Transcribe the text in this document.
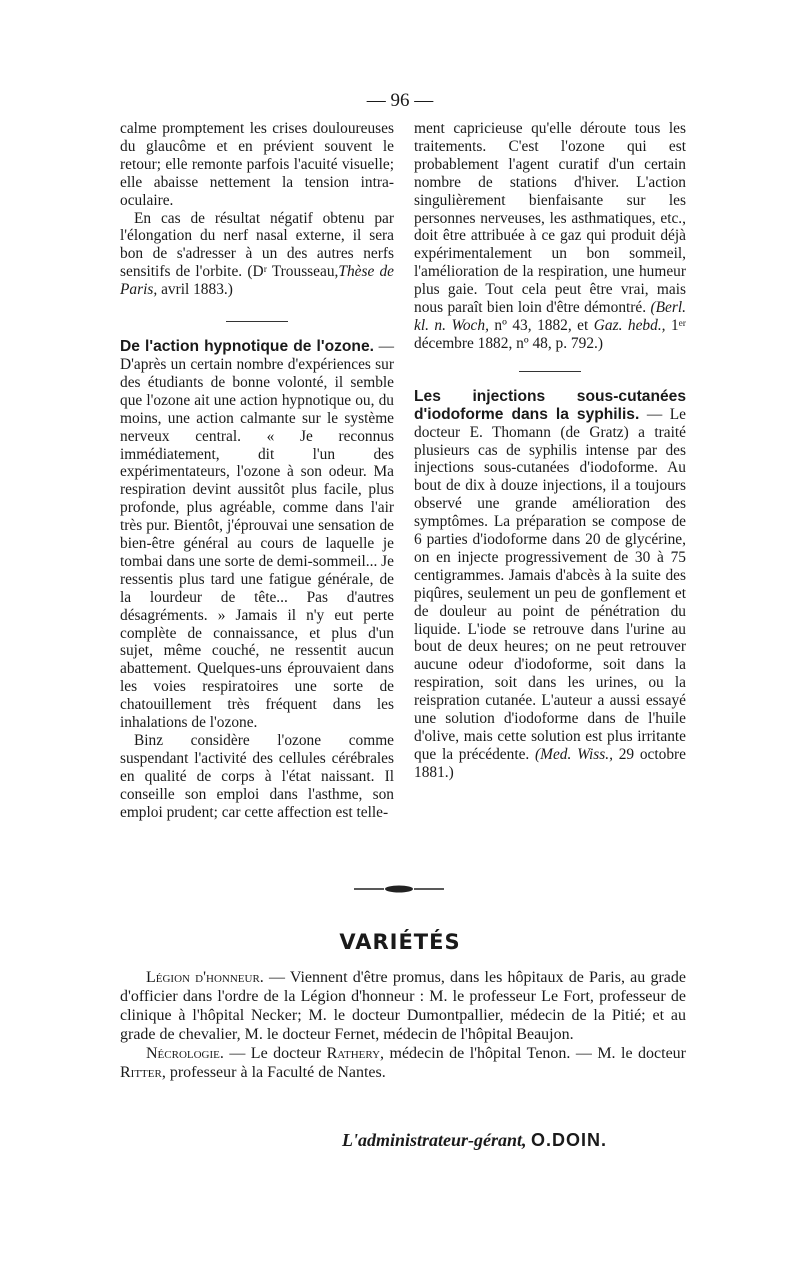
— 96 —

calme promptement les crises douloureuses du glaucôme et en prévient souvent le retour; elle remonte parfois l'acuité visuelle; elle abaisse nettement la tension intra-oculaire.

En cas de résultat négatif obtenu par l'élongation du nerf nasal externe, il sera bon de s'adresser à un des autres nerfs sensitifs de l'orbite. (Dʳ Trousseau,Thèse de Paris, avril 1883.)

De l'action hypnotique de l'ozone. — D'après un certain nombre d'expériences sur des étudiants de bonne volonté, il semble que l'ozone ait une action hypnotique ou, du moins, une action calmante sur le système nerveux central. « Je reconnus immédiatement, dit l'un des expérimentateurs, l'ozone à son odeur. Ma respiration devint aussitôt plus facile, plus profonde, plus agréable, comme dans l'air très pur. Bientôt, j'éprouvai une sensation de bien-être général au cours de laquelle je tombai dans une sorte de demi-sommeil... Je ressentis plus tard une fatigue générale, de la lourdeur de tête... Pas d'autres désagréments. » Jamais il n'y eut perte complète de connaissance, et plus d'un sujet, même couché, ne ressentit aucun abattement. Quelques-uns éprouvaient dans les voies respiratoires une sorte de chatouillement très fréquent dans les inhalations de l'ozone.

Binz considère l'ozone comme suspendant l'activité des cellules cérébrales en qualité de corps à l'état naissant. Il conseille son emploi dans l'asthme, son emploi prudent; car cette affection est telle-

ment capricieuse qu'elle déroute tous les traitements. C'est l'ozone qui est probablement l'agent curatif d'un certain nombre de stations d'hiver. L'action singulièrement bienfaisante sur les personnes nerveuses, les asthmatiques, etc., doit être attribuée à ce gaz qui produit déjà expérimentalement un bon sommeil, l'amélioration de la respiration, une humeur plus gaie. Tout cela peut être vrai, mais nous paraît bien loin d'être démontré. (Berl. kl. n. Woch, nº 43, 1882, et Gaz. hebd., 1ᵉʳ décembre 1882, nº 48, p. 792.)

Les injections sous-cutanées d'iodoforme dans la syphilis. — Le docteur E. Thomann (de Gratz) a traité plusieurs cas de syphilis intense par des injections sous-cutanées d'iodoforme. Au bout de dix à douze injections, il a toujours observé une grande amélioration des symptômes. La préparation se compose de 6 parties d'iodoforme dans 20 de glycérine, on en injecte progressivement de 30 à 75 centigrammes. Jamais d'abcès à la suite des piqûres, seulement un peu de gonflement et de douleur au point de pénétration du liquide. L'iode se retrouve dans l'urine au bout de deux heures; on ne peut retrouver aucune odeur d'iodoforme, soit dans la respiration, soit dans les urines, ou la reispration cutanée. L'auteur a aussi essayé une solution d'iodoforme dans de l'huile d'olive, mais cette solution est plus irritante que la précédente. (Med. Wiss., 29 octobre 1881.)

VARIÉTÉS

Légion d'honneur. — Viennent d'être promus, dans les hôpitaux de Paris, au grade d'officier dans l'ordre de la Légion d'honneur : M. le professeur Le Fort, professeur de clinique à l'hôpital Necker; M. le docteur Dumontpallier, médecin de la Pitié; et au grade de chevalier, M. le docteur Fernet, médecin de l'hôpital Beaujon.

Nécrologie. — Le docteur Rathery, médecin de l'hôpital Tenon. — M. le docteur Ritter, professeur à la Faculté de Nantes.

L'administrateur-gérant, O.DOIN.
